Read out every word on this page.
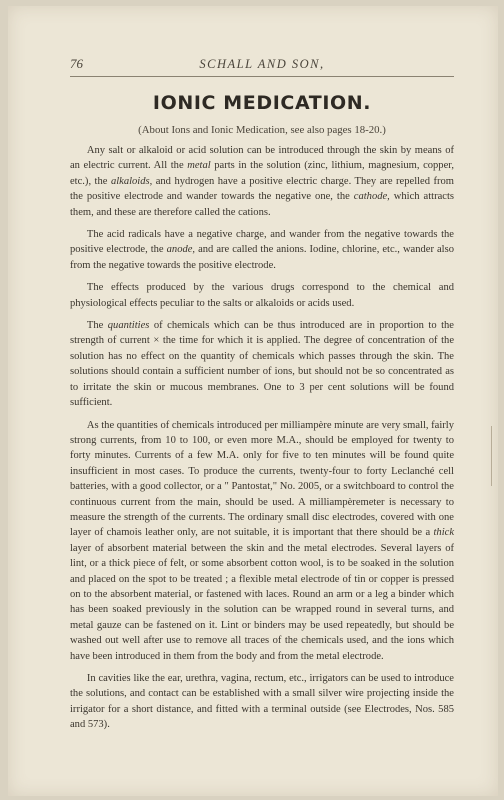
76	SCHALL AND SON,
IONIC MEDICATION.
(About Ions and Ionic Medication, see also pages 18-20.)

Any salt or alkaloid or acid solution can be introduced through the skin by means of an electric current. All the metal parts in the solution (zinc, lithium, magnesium, copper, etc.), the alkaloids, and hydrogen have a positive electric charge. They are repelled from the positive electrode and wander towards the negative one, the cathode, which attracts them, and these are therefore called the cations.

The acid radicals have a negative charge, and wander from the negative towards the positive electrode, the anode, and are called the anions. Iodine, chlorine, etc., wander also from the negative towards the positive electrode.

The effects produced by the various drugs correspond to the chemical and physiological effects peculiar to the salts or alkaloids or acids used.

The quantities of chemicals which can be thus introduced are in proportion to the strength of current × the time for which it is applied. The degree of concentration of the solution has no effect on the quantity of chemicals which passes through the skin. The solutions should contain a sufficient number of ions, but should not be so concentrated as to irritate the skin or mucous membranes. One to 3 per cent solutions will be found sufficient.

As the quantities of chemicals introduced per milliampère minute are very small, fairly strong currents, from 10 to 100, or even more M.A., should be employed for twenty to forty minutes. Currents of a few M.A. only for five to ten minutes will be found quite insufficient in most cases. To produce the currents, twenty-four to forty Leclanché cell batteries, with a good collector, or a " Pantostat," No. 2005, or a switchboard to control the continuous current from the main, should be used. A milliampèremeter is necessary to measure the strength of the currents. The ordinary small disc electrodes, covered with one layer of chamois leather only, are not suitable, it is important that there should be a thick layer of absorbent material between the skin and the metal electrodes. Several layers of lint, or a thick piece of felt, or some absorbent cotton wool, is to be soaked in the solution and placed on the spot to be treated ; a flexible metal electrode of tin or copper is pressed on to the absorbent material, or fastened with laces. Round an arm or a leg a binder which has been soaked previously in the solution can be wrapped round in several turns, and metal gauze can be fastened on it. Lint or binders may be used repeatedly, but should be washed out well after use to remove all traces of the chemicals used, and the ions which have been introduced in them from the body and from the metal electrode.

In cavities like the ear, urethra, vagina, rectum, etc., irrigators can be used to introduce the solutions, and contact can be established with a small silver wire projecting inside the irrigator for a short distance, and fitted with a terminal outside (see Electrodes, Nos. 585 and 573).
